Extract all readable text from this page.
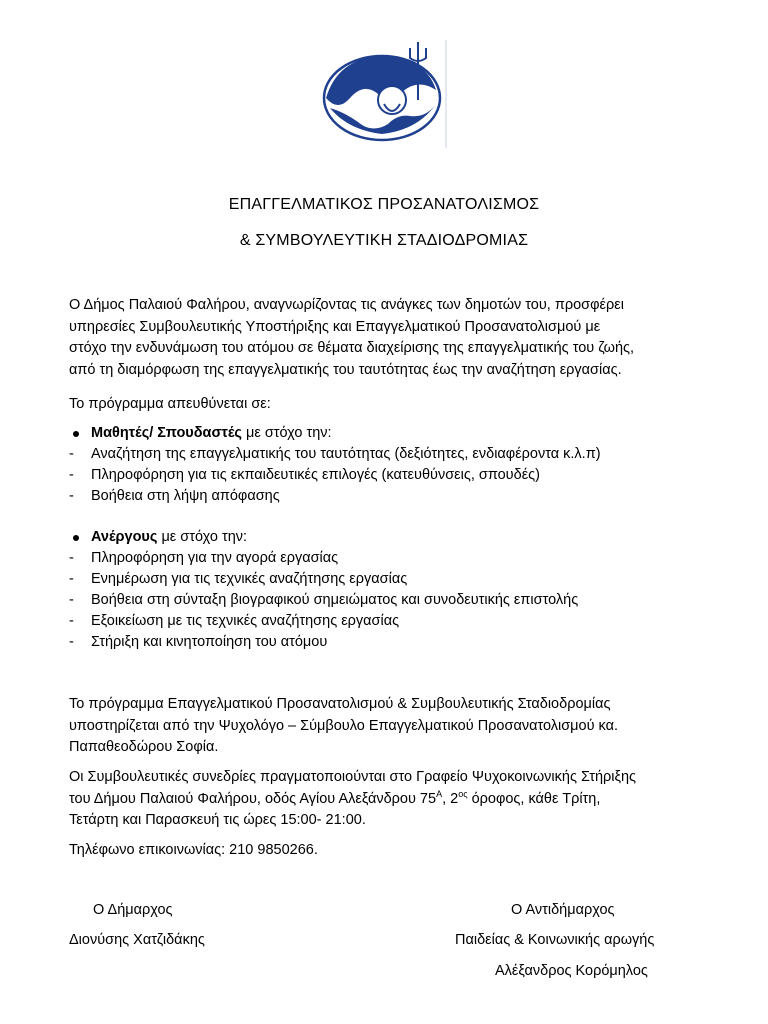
ΕΠΑΓΓΕΛΜΑΤΙΚΟΣ ΠΡΟΣΑΝΑΤΟΛΙΣΜΟΣ
& ΣΥΜΒΟΥΛΕΥΤΙΚΗ ΣΤΑΔΙΟΔΡΟΜΙΑΣ
Ο Δήμος Παλαιού Φαλήρου, αναγνωρίζοντας τις ανάγκες των δημοτών του, προσφέρει
υπηρεσίες Συμβουλευτικής Υποστήριξης και Επαγγελματικού Προσανατολισμού με
στόχο την ενδυνάμωση του ατόμου σε θέματα διαχείρισης της επαγγελματικής του ζωής,
από τη διαμόρφωση της επαγγελματικής του ταυτότητας έως την αναζήτηση εργασίας.
Το πρόγραμμα απευθύνεται σε:
Μαθητές/ Σπουδαστές με στόχο την:
- Αναζήτηση της επαγγελματικής του ταυτότητας (δεξιότητες, ενδιαφέροντα κ.λ.π)
- Πληροφόρηση για τις εκπαιδευτικές επιλογές (κατευθύνσεις, σπουδές)
- Βοήθεια στη λήψη απόφασης
Ανέργους με στόχο την:
- Πληροφόρηση για την αγορά εργασίας
- Ενημέρωση για τις τεχνικές αναζήτησης εργασίας
- Βοήθεια στη σύνταξη βιογραφικού σημειώματος και συνοδευτικής επιστολής
- Εξοικείωση με τις τεχνικές αναζήτησης εργασίας
- Στήριξη και κινητοποίηση του ατόμου
Το πρόγραμμα Επαγγελματικού Προσανατολισμού & Συμβουλευτικής Σταδιοδρομίας
υποστηρίζεται από την Ψυχολόγο – Σύμβουλο Επαγγελματικού Προσανατολισμού κα.
Παπαθεοδώρου Σοφία.
Οι Συμβουλευτικές συνεδρίες πραγματοποιούνται στο Γραφείο Ψυχοκοινωνικής Στήριξης
του Δήμου Παλαιού Φαλήρου, οδός Αγίου Αλεξάνδρου $75^A$, $2^{o\varsigma}$ όροφος, κάθε Τρίτη,
Τετάρτη και Παρασκευή τις ώρες 15:00- 21:00.
Τηλέφωνο επικοινωνίας: 210 9850266.
Ο Δήμαρχος
Διονύσης Χατζιδάκης
Ο Αντιδήμαρχος
Παιδείας & Κοινωνικής αρωγής
Αλέξανδρος Κορόμηλος
